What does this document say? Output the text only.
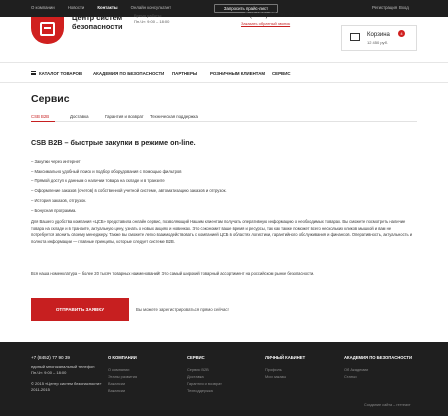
О компании	Новости	Контакты	Онлайн консультант	Запросить прайс-лист	Регистрация Вход
Центр систем
безопасности
Время работы:
Пн-Чт: 9:00 – 18:00
+7 (8452) 77-90-39
Заказать обратный звонок
Корзина	4
12 450 руб.
КАТАЛОГ ТОВАРОВ АКАДЕМИЯ ПО БЕЗОПАСНОСТИ ПАРТНЕРЫ	РОЗНИЧНЫМ КЛИЕНТАМ СЕРВИС
Сервис
CSB B2B	Доставка	Гарантия и возврат Техническая поддержка
CSB B2B – быстрые закупки в режиме on-line.
– Закупки через интернет
– Максимально удобный поиск и подбор оборудования с помощью фильтров
– Прямой доступ к данным о наличии товара на складе и в транзите
– Оформление заказов (счетов) в собственной учетной системе, автоматизацию заказов и отгрузок.
– История заказов, отгрузок.
– Бонусная программа.

Для Вашего удобства компания «ЦСБ» представила онлайн сервис, позволяющий Нашим клиентам получать оперативную информацию о необходимых товарах. Вы сможете посмотреть наличие товара на складе и в транзите, актуальную цену, узнать о новых акциях и новинках. Это сэкономит ваше время и ресурсы, так как также поможет всего нескольких кликов мышкой и вам не потребуется звонить своему менеджеру. Также вы сможете легко взаимодействовать с компанией ЦСБ в областях логистики, гарантийного обслуживания и финансов. Оперативность, актуальность и полнота информации — главные принципы, которые следует системе B2B.

Вся наша номенклатура – более 20 тысяч товарных наименований! Это самый широкий товарный ассортимент на российском рынке безопасности.

ОТПРАВИТЬ ЗАЯВКУ	Вы можете зарегистрироваться прямо сейчас!
+7 (8452) 77 90 39
единый многоканальный телефон
Пн-Чт: 9:00 – 18:00
© 2015 «Центр систем безопасности»
2011-2015
О КОМПАНИИ
О компании
Этапы развития
Вакансии
Вакансии
СЕРВИС
Сервис B2B
Доставка
Гарантия и возврат
Техподдержка
ЛИЧНЫЙ КАБИНЕТ
Профиль
Мои заказы
АКАДЕМИЯ ПО БЕЗОПАСНОСТИ
Об Академии
Статьи
Создание сайта – гегтеахт
